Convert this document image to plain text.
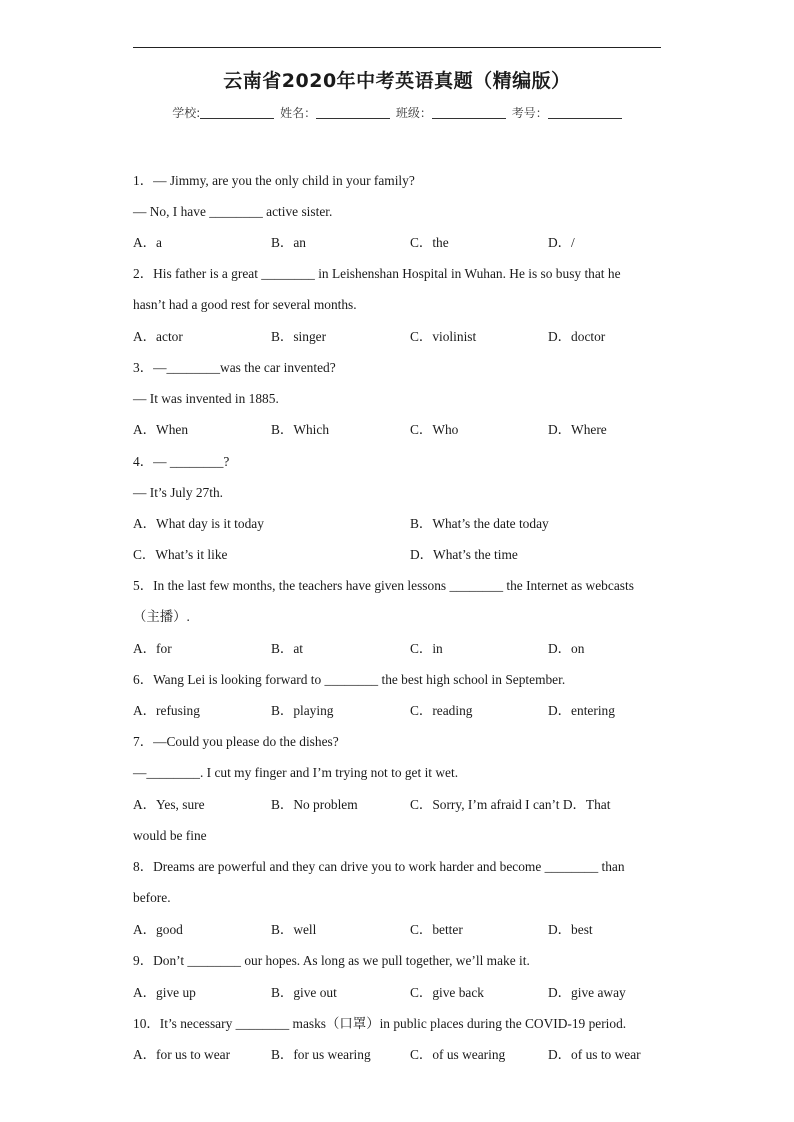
云南省2020年中考英语真题（精编版）
学校:	姓名：	班级：	考号：
1．— Jimmy, are you the only child in your family?
— No, I have ________ active sister.
A．a	B．an	C．the	D．/
2．His father is a great ________ in Leishenshan Hospital in Wuhan. He is so busy that he
hasn’t had a good rest for several months.
A．actor	B．singer	C．violinist	D．doctor
3．—________was the car invented?
— It was invented in 1885.
A．When	B．Which	C．Who	D．Where
4．— ________?
— It’s July 27th.
A．What day is it today	B．What’s the date today
C．What’s it like	D．What’s the time
5．In the last few months, the teachers have given lessons ________ the Internet as webcasts
（主播）.
A．for	B．at	C．in	D．on
6．Wang Lei is looking forward to ________ the best high school in September.
A．refusing	B．playing	C．reading	D．entering
7．—Could you please do the dishes?
—________. I cut my finger and I’m trying not to get it wet.
A．Yes, sure	B．No problem	C．Sorry, I’m afraid I can’t D．That
would be fine
8．Dreams are powerful and they can drive you to work harder and become ________ than
before.
A．good	B．well	C．better	D．best
9．Don’t ________ our hopes. As long as we pull together, we’ll make it.
A．give up	B．give out	C．give back	D．give away
10．It’s necessary ________ masks（口罩）in public places during the COVID-19 period.
A．for us to wear	B．for us wearing	C．of us wearing	D．of us to wear
